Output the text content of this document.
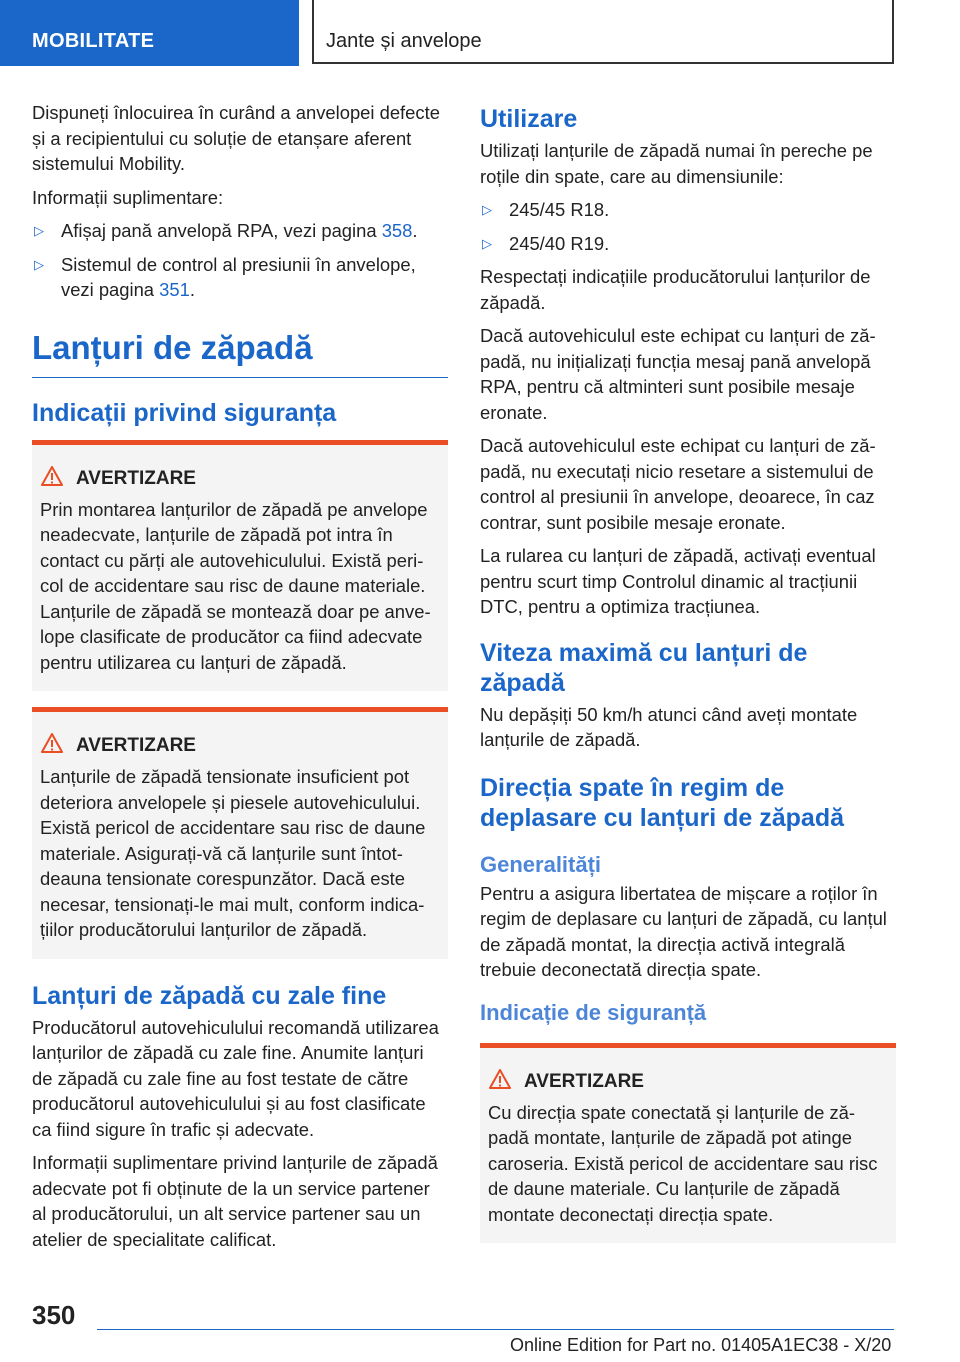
MOBILITATE	Jante și anvelope

Dispuneți înlocuirea în curând a anvelopei defecte și a recipientului cu soluție de etanșare aferent sistemului Mobility.

Informații suplimentare:

▷ Afișaj pană anvelopă RPA, vezi pagina 358.
▷ Sistemul de control al presiunii în anvelope, vezi pagina 351.
Lanțuri de zăpadă
Indicații privind siguranța
AVERTIZARE

Prin montarea lanțurilor de zăpadă pe anvelope neadecvate, lanțurile de zăpadă pot intra în contact cu părți ale autovehiculului. Există pericol de accidentare sau risc de daune materiale. Lanțurile de zăpadă se montează doar pe anvelope clasificate de producător ca fiind adecvate pentru utilizarea cu lanțuri de zăpadă.

AVERTIZARE

Lanțurile de zăpadă tensionate insuficient pot deteriora anvelopele și piesele autovehiculului. Există pericol de accidentare sau risc de daune materiale. Asigurați-vă că lanțurile sunt întotdeauna tensionate corespunzător. Dacă este necesar, tensionați-le mai mult, conform indicațiilor producătorului lanțurilor de zăpadă.

Lanțuri de zăpadă cu zale fine

Producătorul autovehiculului recomandă utilizarea lanțurilor de zăpadă cu zale fine. Anumite lanțuri de zăpadă cu zale fine au fost testate de către producătorul autovehiculului și au fost clasificate ca fiind sigure în trafic și adecvate.

Informații suplimentare privind lanțurile de zăpadă adecvate pot fi obținute de la un service partener al producătorului, un alt service partener sau un atelier de specialitate calificat.

Utilizare

Utilizați lanțurile de zăpadă numai în pereche pe roțile din spate, care au dimensiunile:

▷ 245/45 R18.
▷ 245/40 R19.

Respectați indicațiile producătorului lanțurilor de zăpadă.

Dacă autovehiculul este echipat cu lanțuri de zăpadă, nu inițializați funcția mesaj pană anvelopă RPA, pentru că altminteri sunt posibile mesaje eronate.

Dacă autovehiculul este echipat cu lanțuri de zăpadă, nu executați nicio resetare a sistemului de control al presiunii în anvelope, deoarece, în caz contrar, sunt posibile mesaje eronate.

La rularea cu lanțuri de zăpadă, activați eventual pentru scurt timp Controlul dinamic al tracțiunii DTC, pentru a optimiza tracțiunea.

Viteza maximă cu lanțuri de zăpadă

Nu depășiți 50 km/h atunci când aveți montate lanțurile de zăpadă.

Direcția spate în regim de deplasare cu lanțuri de zăpadă
Generalități

Pentru a asigura libertatea de mișcare a roților în regim de deplasare cu lanțuri de zăpadă, cu lanțul de zăpadă montat, la direcția activă integrală trebuie deconectată direcția spate.

Indicație de siguranță
AVERTIZARE

Cu direcția spate conectată și lanțurile de zăpadă montate, lanțurile de zăpadă pot atinge caroseria. Există pericol de accidentare sau risc de daune materiale. Cu lanțurile de zăpadă montate deconectați direcția spate.

350
Online Edition for Part no. 01405A1EC38 - X/20
